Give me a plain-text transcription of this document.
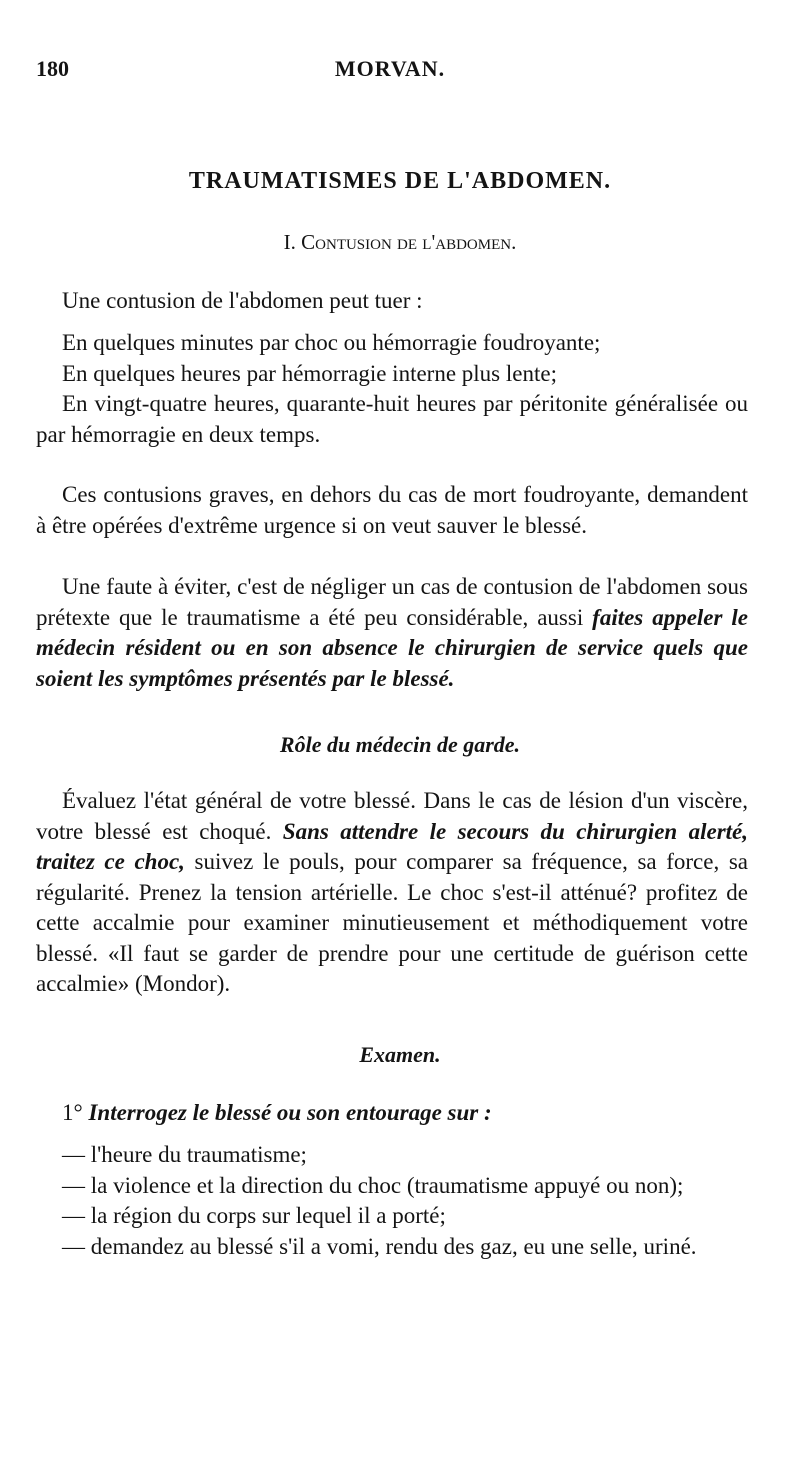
180	MORVAN.
TRAUMATISMES DE L'ABDOMEN.
I. Contusion de l'abdomen.

Une contusion de l'abdomen peut tuer :

En quelques minutes par choc ou hémorragie foudroyante;

En quelques heures par hémorragie interne plus lente;

En vingt-quatre heures, quarante-huit heures par péritonite généralisée ou par hémorragie en deux temps.

Ces contusions graves, en dehors du cas de mort foudroyante, demandent à être opérées d'extrême urgence si on veut sauver le blessé.

Une faute à éviter, c'est de négliger un cas de contusion de l'abdomen sous prétexte que le traumatisme a été peu considérable, aussi faites appeler le médecin résident ou en son absence le chirurgien de service quels que soient les symptômes présentés par le blessé.

Rôle du médecin de garde.

Évaluez l'état général de votre blessé. Dans le cas de lésion d'un viscère, votre blessé est choqué. Sans attendre le secours du chirurgien alerté, traitez ce choc, suivez le pouls, pour comparer sa fréquence, sa force, sa régularité. Prenez la tension artérielle. Le choc s'est-il atténué? profitez de cette accalmie pour examiner minutieusement et méthodiquement votre blessé. «Il faut se garder de prendre pour une certitude de guérison cette accalmie» (Mondor).

Examen.

1° Interrogez le blessé ou son entourage sur :

— l'heure du traumatisme;

— la violence et la direction du choc (traumatisme appuyé ou non);

— la région du corps sur lequel il a porté;

— demandez au blessé s'il a vomi, rendu des gaz, eu une selle, uriné.
